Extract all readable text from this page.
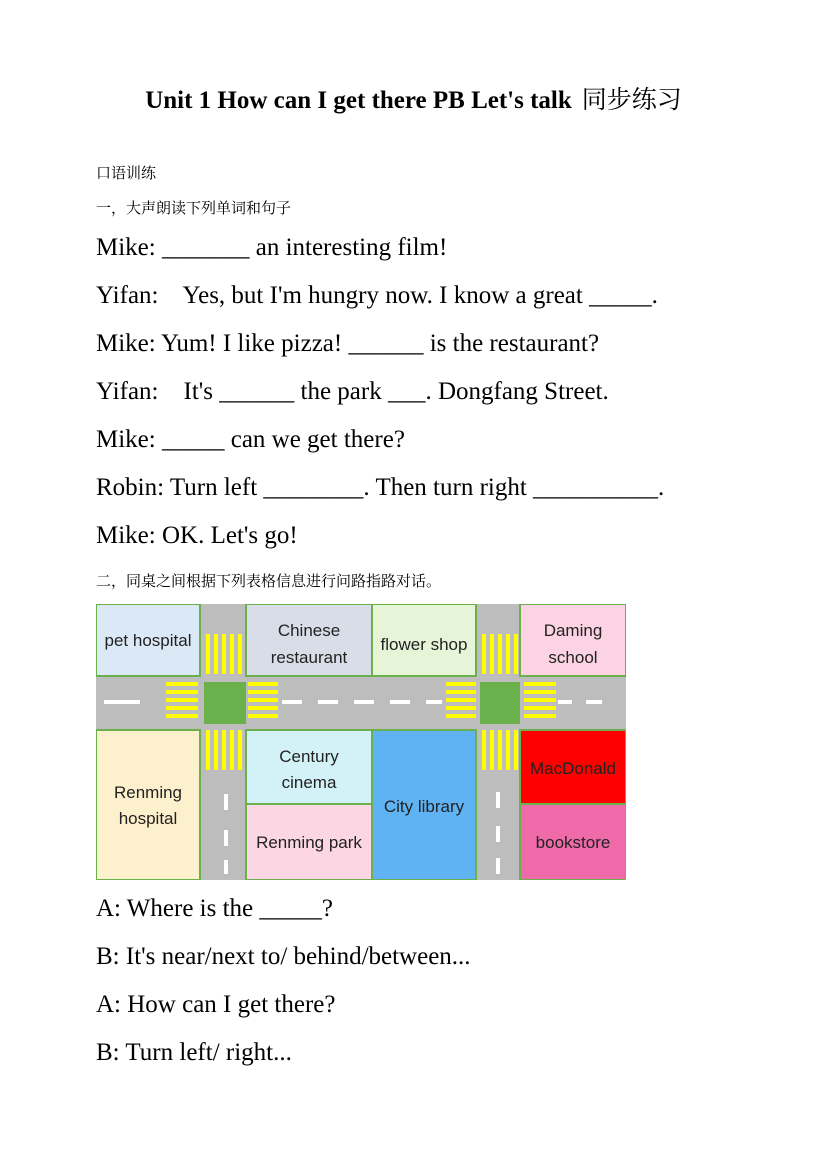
Unit 1 How can I get there PB Let's talk 同步练习
口语训练
一，大声朗读下列单词和句子
Mike: _______ an interesting film!
Yifan:    Yes, but I'm hungry now. I know a great _____.
Mike: Yum! I like pizza! ______ is the restaurant?
Yifan:    It's ______ the park ___. Dongfang Street.
Mike: _____ can we get there?
Robin: Turn left ________. Then turn right __________.
Mike: OK. Let's go!
二，同桌之间根据下列表格信息进行问路指路对话。
pet hospital
Chinese
restaurant
flower shop
Daming
school
Renming
hospital
Century
cinema
Renming park
City library
MacDonald
bookstore
A: Where is the _____?
B: It's near/next to/ behind/between...
A: How can I get there?
B: Turn left/ right...
